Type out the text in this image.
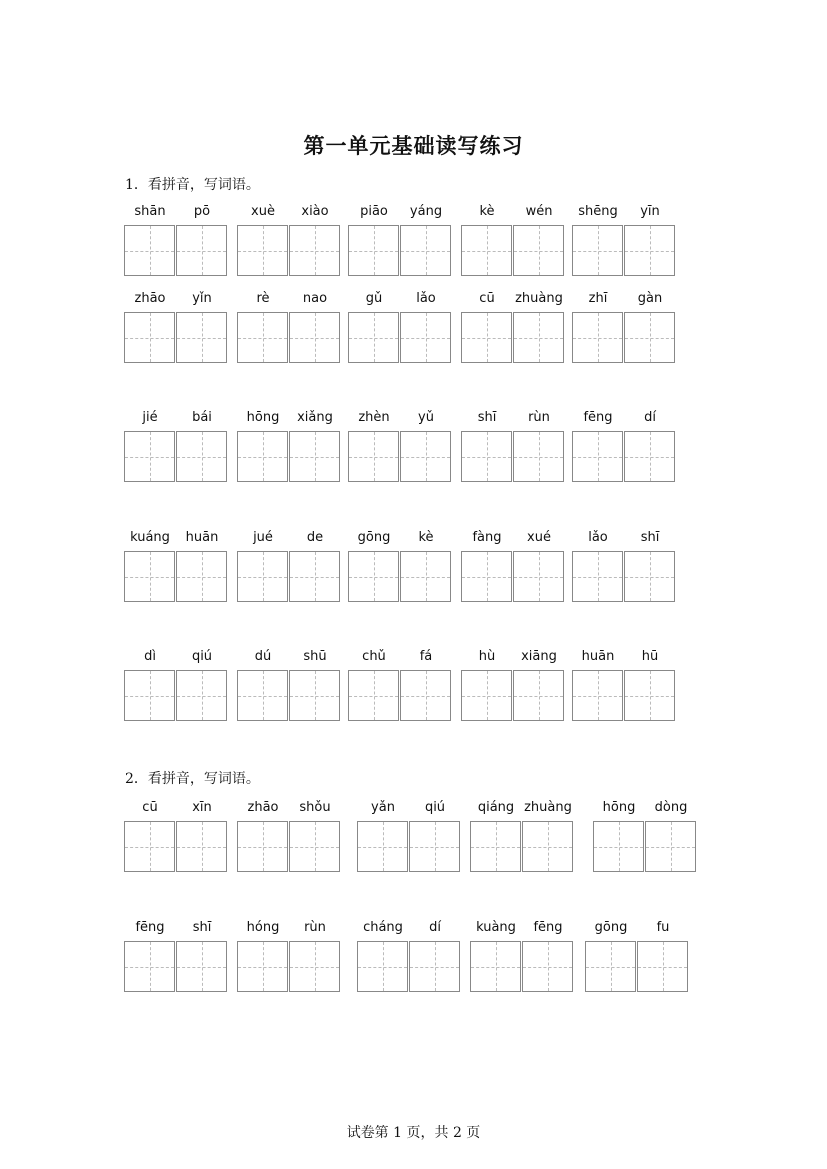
第一单元基础读写练习
1．看拼音，写词语。
shān	pō	xuè	xiào	piāo	yáng	kè	wén	shēng	yīn
zhāo	yǐn	rè	nao	gǔ	lǎo	cū	zhuàng	zhī	gàn
jié	bái	hōng	xiǎng	zhèn	yǔ	shī	rùn	fēng	dí
kuáng	huān	jué	de	gōng	kè	fàng	xué	lǎo	shī
dì	qiú	dú	shū	chǔ	fá	hù	xiāng	huān	hū
2．看拼音，写词语。
cū	xīn	zhāo	shǒu	yǎn	qiú	qiáng zhuàng	hōng	dòng
fēng	shī	hóng	rùn	cháng	dí	kuàng	fēng	gōng	fu
试卷第 1 页，共 2 页
